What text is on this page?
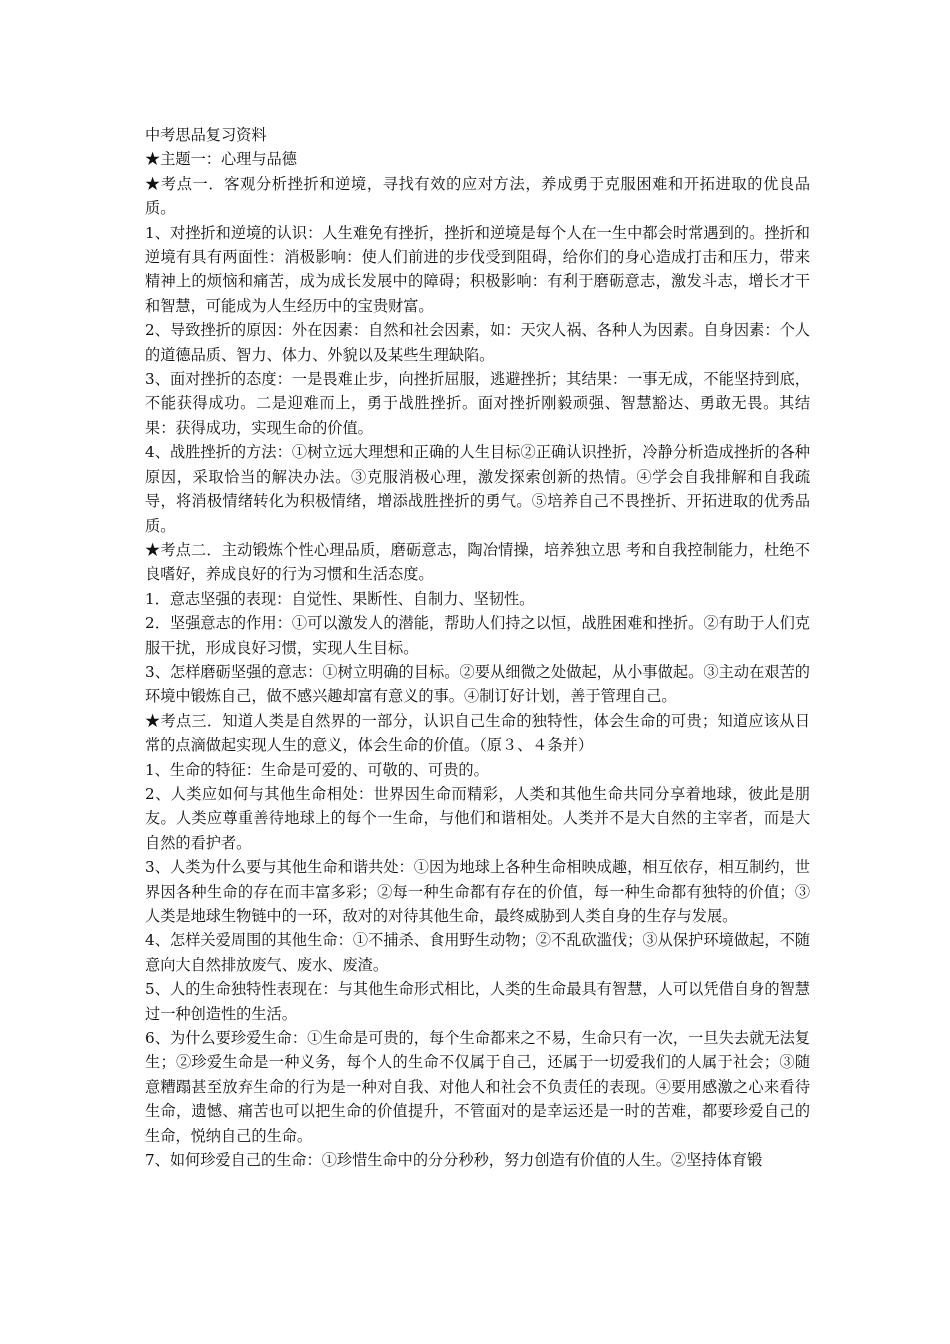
中考思品复习资料

★主题一：心理与品德

★考点一．客观分析挫折和逆境，寻找有效的应对方法，养成勇于克服困难和开拓进取的优良品质。

1、对挫折和逆境的认识：人生难免有挫折，挫折和逆境是每个人在一生中都会时常遇到的。挫折和逆境有具有两面性：消极影响：使人们前进的步伐受到阻碍，给你们的身心造成打击和压力，带来精神上的烦恼和痛苦，成为成长发展中的障碍；积极影响：有利于磨砺意志，激发斗志，增长才干和智慧，可能成为人生经历中的宝贵财富。

2、导致挫折的原因：外在因素：自然和社会因素，如：天灾人祸、各种人为因素。自身因素：个人的道德品质、智力、体力、外貌以及某些生理缺陷。

3、面对挫折的态度：一是畏难止步，向挫折屈服，逃避挫折；其结果：一事无成，不能坚持到底，不能获得成功。二是迎难而上，勇于战胜挫折。面对挫折刚毅顽强、智慧豁达、勇敢无畏。其结果：获得成功，实现生命的价值。

4、战胜挫折的方法：①树立远大理想和正确的人生目标②正确认识挫折，冷静分析造成挫折的各种原因，采取恰当的解决办法。③克服消极心理，激发探索创新的热情。④学会自我排解和自我疏导，将消极情绪转化为积极情绪，增添战胜挫折的勇气。⑤培养自己不畏挫折、开拓进取的优秀品质。

★考点二．主动锻炼个性心理品质，磨砺意志，陶冶情操，培养独立思 考和自我控制能力，杜绝不良嗜好，养成良好的行为习惯和生活态度。

1．意志坚强的表现：自觉性、果断性、自制力、坚韧性。

2．坚强意志的作用：①可以激发人的潜能，帮助人们持之以恒，战胜困难和挫折。②有助于人们克服干扰，形成良好习惯，实现人生目标。

3、怎样磨砺坚强的意志：①树立明确的目标。②要从细微之处做起，从小事做起。③主动在艰苦的环境中锻炼自己，做不感兴趣却富有意义的事。④制订好计划，善于管理自己。

★考点三．知道人类是自然界的一部分，认识自己生命的独特性，体会生命的可贵；知道应该从日常的点滴做起实现人生的意义，体会生命的价值。（原３、４条并）

1、生命的特征：生命是可爱的、可敬的、可贵的。

2、人类应如何与其他生命相处：世界因生命而精彩，人类和其他生命共同分享着地球，彼此是朋友。人类应尊重善待地球上的每个一生命，与他们和谐相处。人类并不是大自然的主宰者，而是大自然的看护者。

3、人类为什么要与其他生命和谐共处：①因为地球上各种生命相映成趣，相互依存，相互制约，世界因各种生命的存在而丰富多彩；②每一种生命都有存在的价值，每一种生命都有独特的价值；③人类是地球生物链中的一环，敌对的对待其他生命，最终威胁到人类自身的生存与发展。

4、怎样关爱周围的其他生命：①不捕杀、食用野生动物；②不乱砍滥伐；③从保护环境做起，不随意向大自然排放废气、废水、废渣。

5、人的生命独特性表现在：与其他生命形式相比，人类的生命最具有智慧，人可以凭借自身的智慧过一种创造性的生活。

6、为什么要珍爱生命：①生命是可贵的，每个生命都来之不易，生命只有一次，一旦失去就无法复生；②珍爱生命是一种义务，每个人的生命不仅属于自己，还属于一切爱我们的人属于社会；③随意糟蹋甚至放弃生命的行为是一种对自我、对他人和社会不负责任的表现。④要用感激之心来看待生命，遗憾、痛苦也可以把生命的价值提升，不管面对的是幸运还是一时的苦难，都要珍爱自己的生命，悦纳自己的生命。

7、如何珍爱自己的生命：①珍惜生命中的分分秒秒，努力创造有价值的人生。②坚持体育锻
